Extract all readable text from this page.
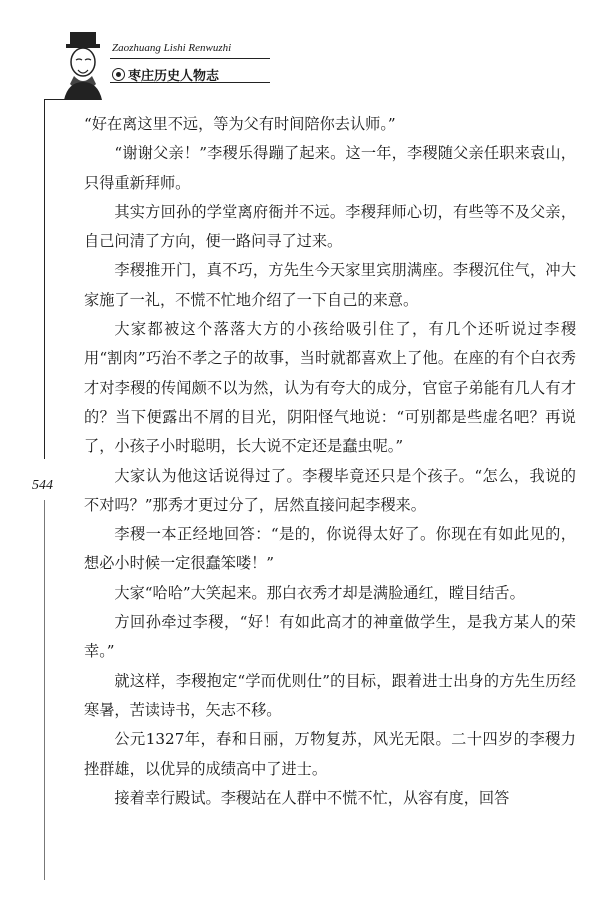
Zaozhuang Lishi Renwuzhi
枣庄历史人物志
544

“好在离这里不远，等为父有时间陪你去认师。”

“谢谢父亲！”李稷乐得蹦了起来。这一年，李稷随父亲任职来袁山，只得重新拜师。

其实方回孙的学堂离府衙并不远。李稷拜师心切，有些等不及父亲，自己问清了方向，便一路问寻了过来。

李稷推开门，真不巧，方先生今天家里宾朋满座。李稷沉住气，冲大家施了一礼，不慌不忙地介绍了一下自己的来意。

大家都被这个落落大方的小孩给吸引住了，有几个还听说过李稷用“割肉”巧治不孝之子的故事，当时就都喜欢上了他。在座的有个白衣秀才对李稷的传闻颇不以为然，认为有夸大的成分，官宦子弟能有几人有才的？当下便露出不屑的目光，阴阳怪气地说：“可别都是些虚名吧？再说了，小孩子小时聪明，长大说不定还是蠢虫呢。”

大家认为他这话说得过了。李稷毕竟还只是个孩子。“怎么，我说的不对吗？”那秀才更过分了，居然直接问起李稷来。

李稷一本正经地回答：“是的，你说得太好了。你现在有如此见的，想必小时候一定很蠢笨喽！”

大家“哈哈”大笑起来。那白衣秀才却是满脸通红，瞠目结舌。

方回孙牵过李稷，“好！有如此高才的神童做学生，是我方某人的荣幸。”

就这样，李稷抱定“学而优则仕”的目标，跟着进士出身的方先生历经寒暑，苦读诗书，矢志不移。

公元1327年，春和日丽，万物复苏，风光无限。二十四岁的李稷力挫群雄，以优异的成绩高中了进士。

接着幸行殿试。李稷站在人群中不慌不忙，从容有度，回答
